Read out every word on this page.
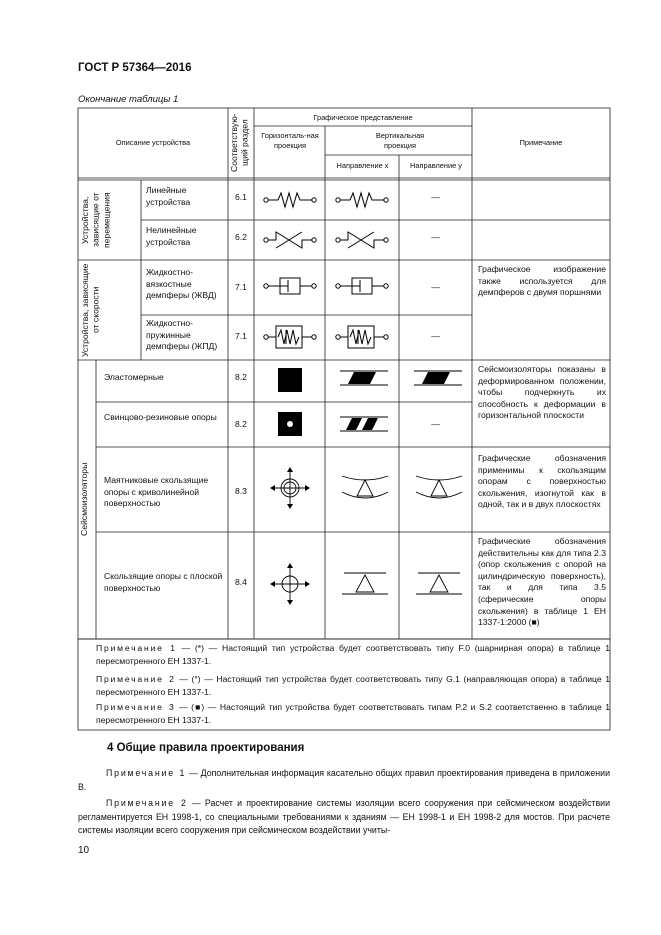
ГОСТ Р 57364—2016
Окончание таблицы 1
Описание устройства	Соответствую-щий раздел
Графическое представление
Горизонталь-ная проекция
Вертикальная проекция
Направление x	Направление y
Примечание
Устройства, зависящие от перемещения
Устройства, зависящие от скорости
Сейсмоизоляторы
Линейные устройства
Нелинейные устройства
Жидкостно-вязкостные демпферы (ЖВД)
Жидкостно-пружинные демпферы (ЖПД)
Эластомерные
Свинцово-резиновые опоры
Маятниковые скользящие опоры с криволинейной поверхностью
Скользящие опоры с плоской поверхностью
6.1
6.2
7.1
7.1
8.2
8.2
8.3
8.4
—
—
—
—
—
Графическое изображение также используется для демпферов с двумя поршнями
Сейсмоизоляторы показаны в деформированном положении, чтобы подчеркнуть их способность к деформации в горизонтальной плоскости
Графические обозначения применимы к скользящим опорам с поверхностью скольжения, изогнутой как в одной, так и в двух плоскостях
Графические обозначения действительны как для типа 2.3 (опор скольжения с опорой на цилиндрическую поверхность), так и для типа 3.5 (сферические опоры скольжения) в таблице 1 ЕН 1337-1:2000 (■)
Примечание 1 — (*) — Настоящий тип устройства будет соответствовать типу F.0 (шарнирная опора) в таблице 1 пересмотренного ЕН 1337-1.
Примечание 2 — (°) — Настоящий тип устройства будет соответствовать типу G.1 (направляющая опора) в таблице 1 пересмотренного ЕН 1337-1.
Примечание 3 — (■) — Настоящий тип устройства будет соответствовать типам P.2 и S.2 соответственно в таблице 1 пересмотренного ЕН 1337-1.
4 Общие правила проектирования
Примечание 1 — Дополнительная информация касательно общих правил проектирования приведена в приложении В.
Примечание 2 — Расчет и проектирование системы изоляции всего сооружения при сейсмическом воздействии регламентируется ЕН 1998-1, со специальными требованиями к зданиям — ЕН 1998-1 и ЕН 1998-2 для мостов. При расчете системы изоляции всего сооружения при сейсмическом воздействии учиты-
10
